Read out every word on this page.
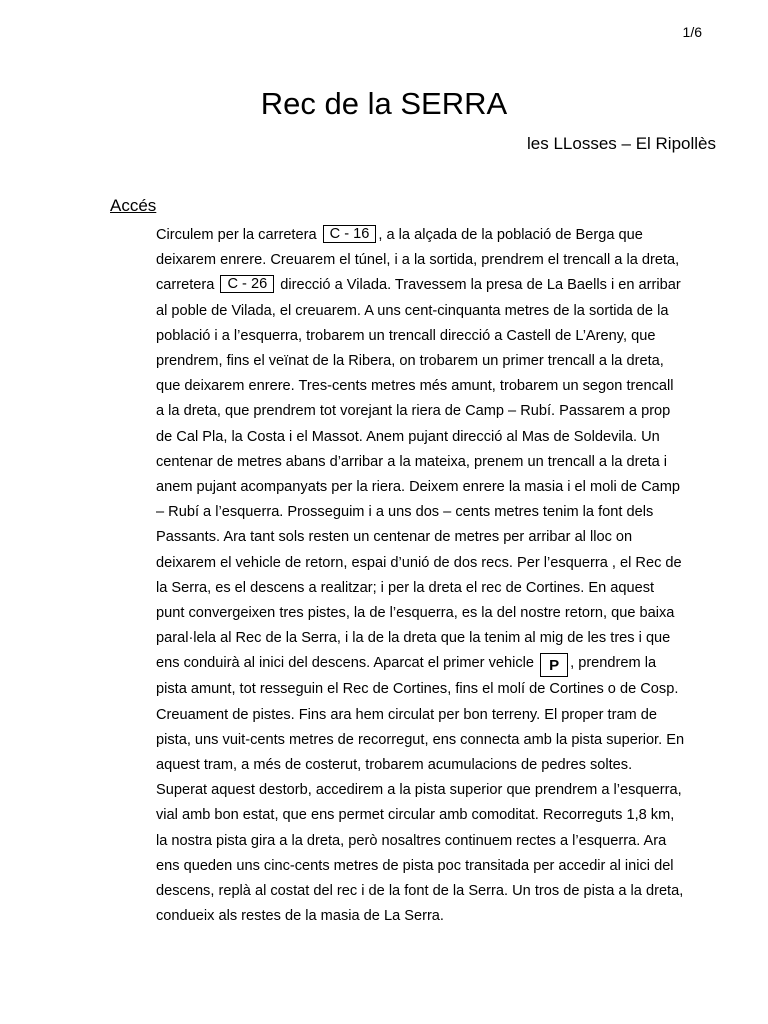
1/6
Rec de la SERRA
les LLosses – El Ripollès
Accés

Circulem per la carretera C - 16 , a la alçada de la població de Berga que
deixarem enrere. Creuarem el túnel, i a la sortida, prendrem el trencall a la dreta,
carretera C - 26 direcció a Vilada. Travessem la presa de La Baells i en arribar
al poble de Vilada, el creuarem. A uns cent-cinquanta metres de la sortida de la
població i a l’esquerra, trobarem un trencall direcció a Castell de L’Areny, que
prendrem, fins el veïnat de la Ribera, on trobarem un primer trencall a la dreta,
que deixarem enrere. Tres-cents metres més amunt, trobarem un segon trencall
a la dreta, que prendrem tot vorejant la riera de Camp – Rubí. Passarem a prop
de Cal Pla, la Costa i el Massot. Anem pujant direcció al Mas de Soldevila. Un
centenar de metres abans d’arribar a la mateixa, prenem un trencall a la dreta i
anem pujant acompanyats per la riera. Deixem enrere la masia i el moli de Camp
– Rubí a l’esquerra. Prosseguim i a uns dos – cents metres tenim la font dels
Passants. Ara tant sols resten un centenar de metres per arribar al lloc on
deixarem el vehicle de retorn, espai d’unió de dos recs. Per l’esquerra , el Rec de
la Serra, es el descens a realitzar; i per la dreta el rec de Cortines. En aquest
punt convergeixen tres pistes, la de l’esquerra, es la del nostre retorn, que baixa
paral·lela al Rec de la Serra, i la de la dreta que la tenim al mig de les tres i que
ens conduirà al inici del descens. Aparcat el primer vehicle P , prendrem la
pista amunt, tot resseguin el Rec de Cortines, fins el molí de Cortines o de Cosp.
Creuament de pistes. Fins ara hem circulat per bon terreny. El proper tram de
pista, uns vuit-cents metres de recorregut, ens connecta amb la pista superior. En
aquest tram, a més de costerut, trobarem acumulacions de pedres soltes.
Superat aquest destorb, accedirem a la pista superior que prendrem a l’esquerra,
vial amb bon estat, que ens permet circular amb comoditat. Recorreguts 1,8 km,
la nostra pista gira a la dreta, però nosaltres continuem rectes a l’esquerra. Ara
ens queden uns cinc-cents metres de pista poc transitada per accedir al inici del
descens, replà al costat del rec i de la font de la Serra. Un tros de pista a la dreta,
condueix als restes de la masia de La Serra.
